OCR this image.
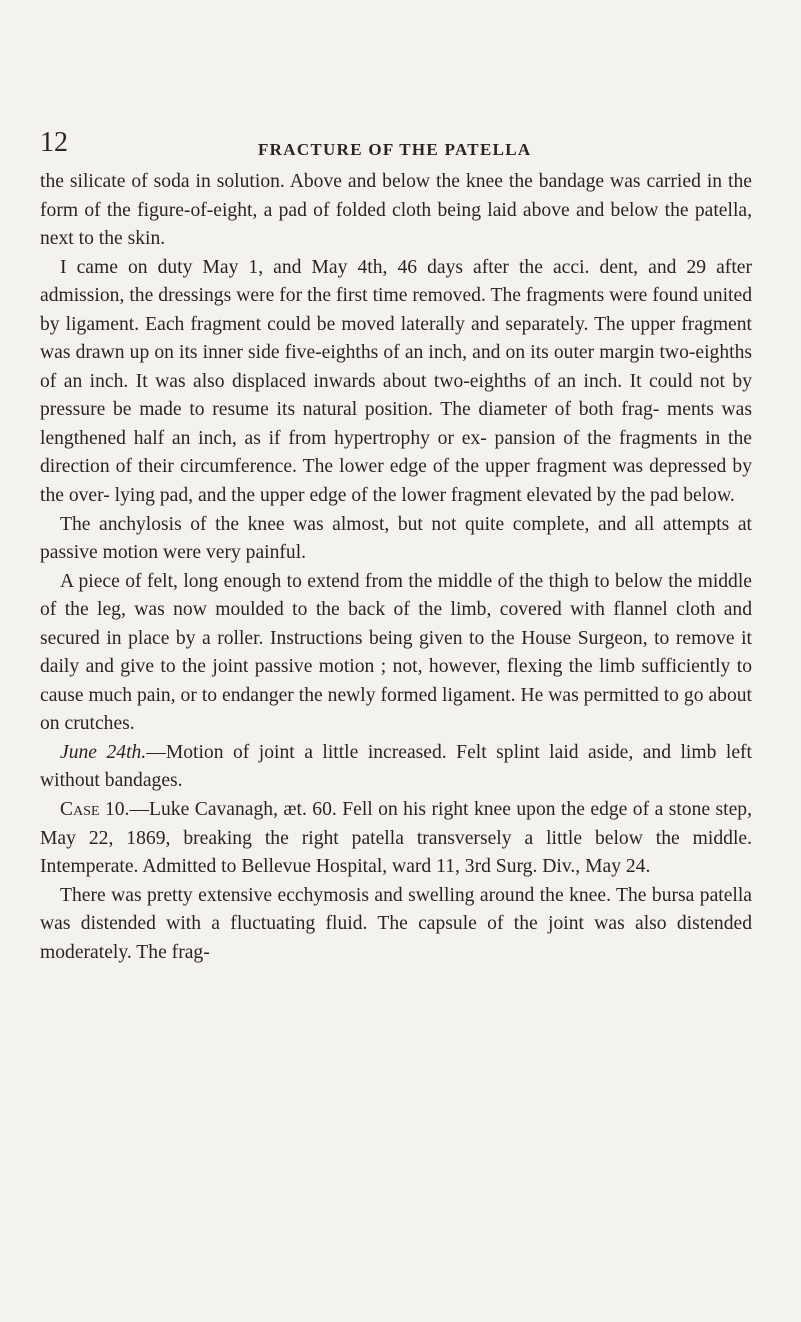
12	FRACTURE OF THE PATELLA

the silicate of soda in solution. Above and below the knee the bandage was carried in the form of the figure-of-eight, a pad of folded cloth being laid above and below the patella, next to the skin.

I came on duty May 1, and May 4th, 46 days after the acci. dent, and 29 after admission, the dressings were for the first time removed. The fragments were found united by ligament. Each fragment could be moved laterally and separately. The upper fragment was drawn up on its inner side five-eighths of an inch, and on its outer margin two-eighths of an inch. It was also displaced inwards about two-eighths of an inch. It could not by pressure be made to resume its natural position. The diameter of both frag- ments was lengthened half an inch, as if from hypertrophy or ex- pansion of the fragments in the direction of their circumference. The lower edge of the upper fragment was depressed by the over- lying pad, and the upper edge of the lower fragment elevated by the pad below.

The anchylosis of the knee was almost, but not quite complete, and all attempts at passive motion were very painful.

A piece of felt, long enough to extend from the middle of the thigh to below the middle of the leg, was now moulded to the back of the limb, covered with flannel cloth and secured in place by a roller. Instructions being given to the House Surgeon, to remove it daily and give to the joint passive motion ; not, however, flexing the limb sufficiently to cause much pain, or to endanger the newly formed ligament. He was permitted to go about on crutches.

June 24th.—Motion of joint a little increased. Felt splint laid aside, and limb left without bandages.

Case 10.—Luke Cavanagh, æt. 60. Fell on his right knee upon the edge of a stone step, May 22, 1869, breaking the right patella transversely a little below the middle. Intemperate. Admitted to Bellevue Hospital, ward 11, 3rd Surg. Div., May 24.

There was pretty extensive ecchymosis and swelling around the knee. The bursa patella was distended with a fluctuating fluid. The capsule of the joint was also distended moderately. The frag-
